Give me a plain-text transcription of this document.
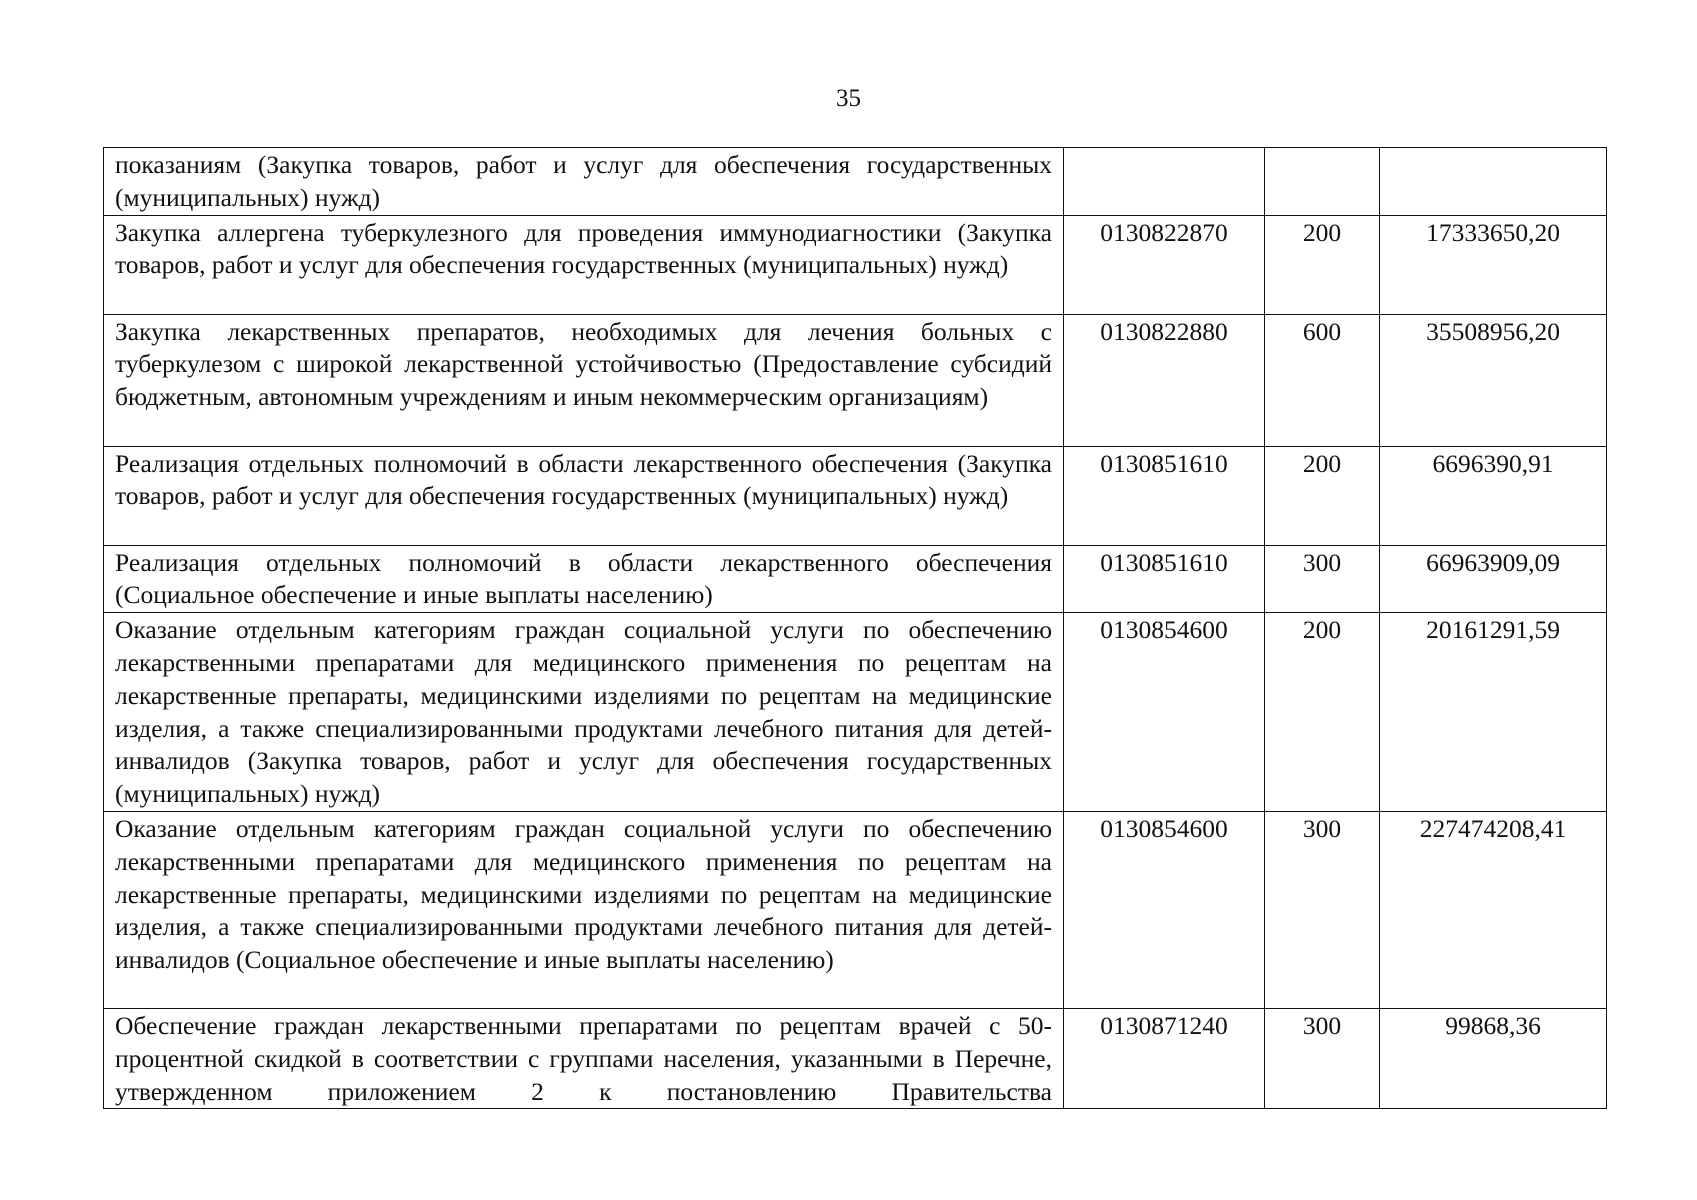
35
показаниям (Закупка товаров, работ и услуг для обеспечения государственных (муниципальных) нужд)			
Закупка аллергена туберкулезного для проведения иммунодиагностики (Закупка товаров, работ и услуг для обеспечения государственных (муниципальных) нужд)	0130822870	200	17333650,20
Закупка лекарственных препаратов, необходимых для лечения больных с туберкулезом с широкой лекарственной устойчивостью (Предоставление субсидий бюджетным, автономным учреждениям и иным некоммерческим организациям)	0130822880	600	35508956,20
Реализация отдельных полномочий в области лекарственного обеспечения (Закупка товаров, работ и услуг для обеспечения государственных (муниципальных) нужд)	0130851610	200	6696390,91
Реализация отдельных полномочий в области лекарственного обеспечения (Социальное обеспечение и иные выплаты населению)	0130851610	300	66963909,09
Оказание отдельным категориям граждан социальной услуги по обеспечению лекарственными препаратами для медицинского применения по рецептам на лекарственные препараты, медицинскими изделиями по рецептам на медицинские изделия, а также специализированными продуктами лечебного питания для детей-инвалидов (Закупка товаров, работ и услуг для обеспечения государственных (муниципальных) нужд)	0130854600	200	20161291,59
Оказание отдельным категориям граждан социальной услуги по обеспечению лекарственными препаратами для медицинского применения по рецептам на лекарственные препараты, медицинскими изделиями по рецептам на медицинские изделия, а также специализированными продуктами лечебного питания для детей-инвалидов (Социальное обеспечение и иные выплаты населению)	0130854600	300	227474208,41
Обеспечение граждан лекарственными препаратами по рецептам врачей с 50-процентной скидкой в соответствии с группами населения, указанными в Перечне, утвержденном приложением 2 к постановлению Правительства	0130871240	300	99868,36
